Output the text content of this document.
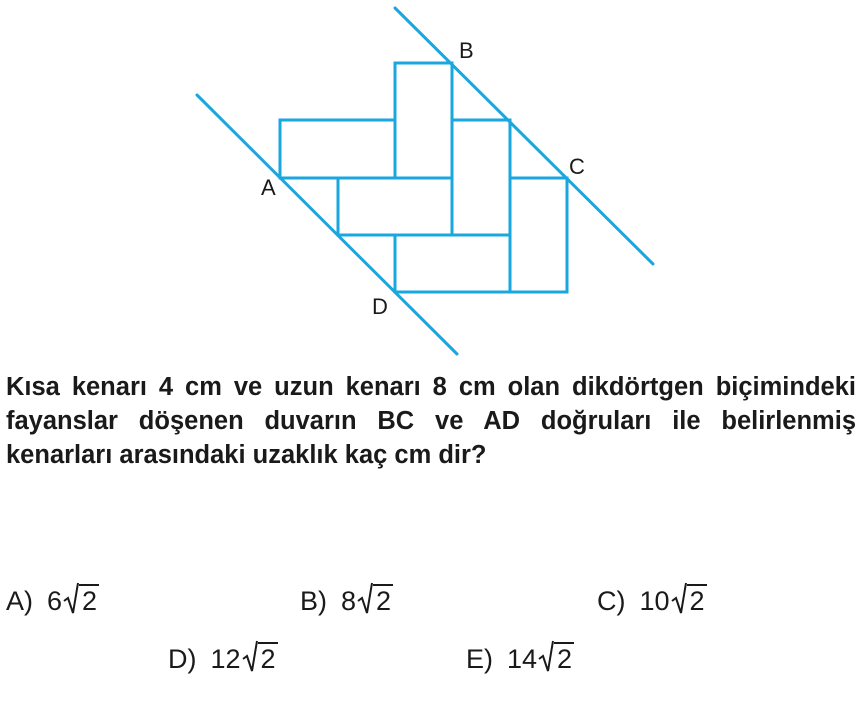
B
C
A
D

Kısa kenarı 4 cm ve uzun kenarı 8 cm olan dikdörtgen biçimindeki fayanslar döşenen duvarın BC ve AD doğruları ile belirlenmiş kenarları arasındaki uzaklık kaç cm dir?

A) 6 2	B) 8 2	C) 10 2
D) 12 2	E) 14 2
